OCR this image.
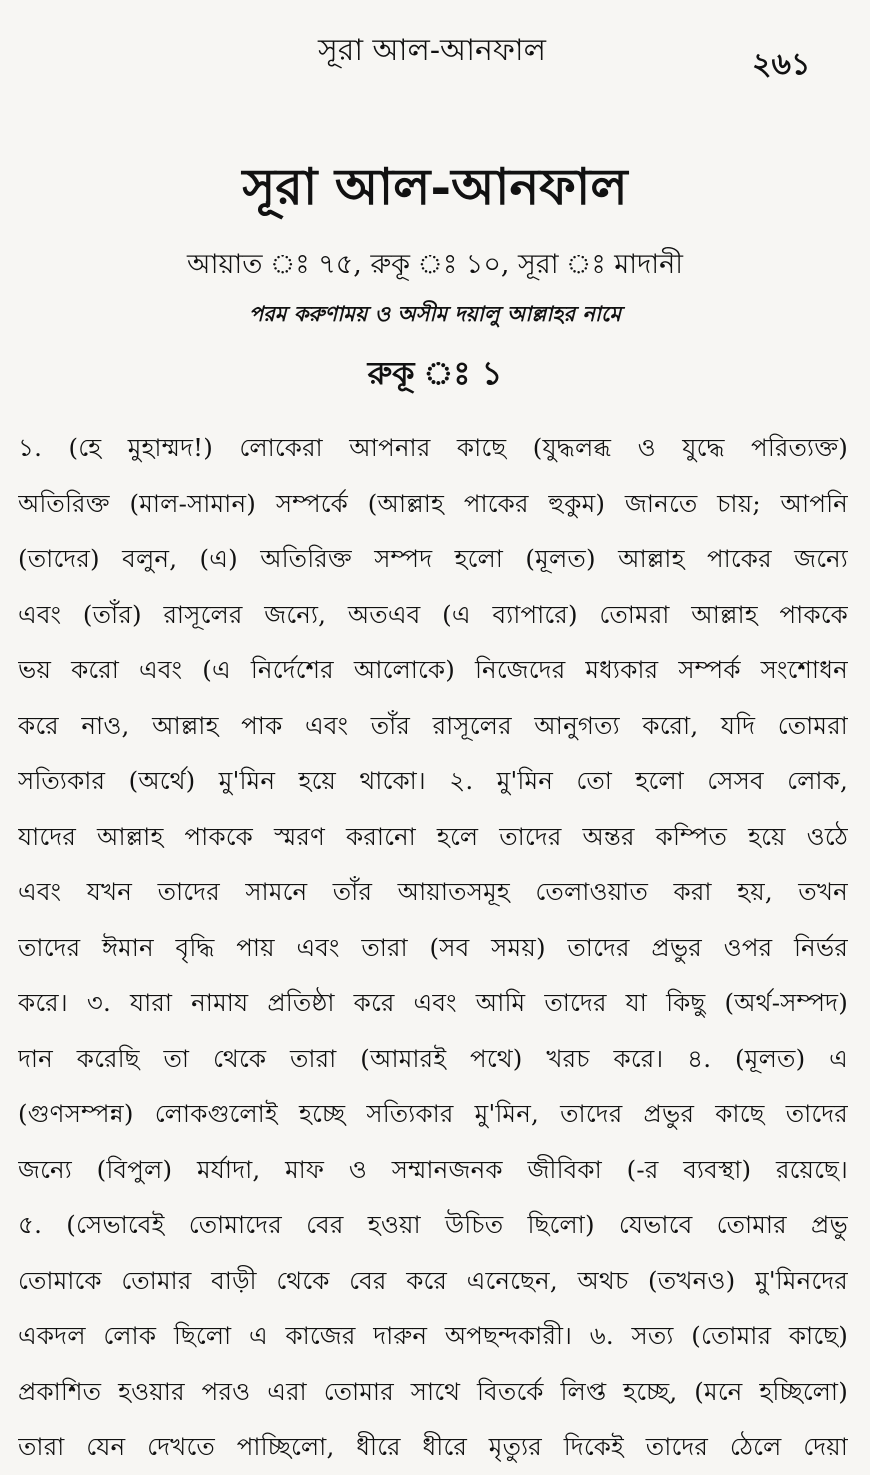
সূরা আল-আনফাল	২৬১
সূরা আল-আনফাল
আয়াত ঃ ৭৫, রুকূ ঃ ১০, সূরা ঃ মাদানী
পরম করুণাময় ও অসীম দয়ালু আল্লাহর নামে
রুকূ ঃ ১
১. (হে মুহাম্মদ!) লোকেরা আপনার কাছে (যুদ্ধলব্ধ ও যুদ্ধে পরিত্যক্ত)
অতিরিক্ত (মাল-সামান) সম্পর্কে (আল্লাহ পাকের হুকুম) জানতে চায়; আপনি
(তাদের) বলুন, (এ) অতিরিক্ত সম্পদ হলো (মূলত) আল্লাহ পাকের জন্যে
এবং (তাঁর) রাসূলের জন্যে, অতএব (এ ব্যাপারে) তোমরা আল্লাহ পাককে
ভয় করো এবং (এ নির্দেশের আলোকে) নিজেদের মধ্যকার সম্পর্ক সংশোধন
করে নাও, আল্লাহ পাক এবং তাঁর রাসূলের আনুগত্য করো, যদি তোমরা
সত্যিকার (অর্থে) মু'মিন হয়ে থাকো। ২. মু'মিন তো হলো সেসব লোক,
যাদের আল্লাহ পাককে স্মরণ করানো হলে তাদের অন্তর কম্পিত হয়ে ওঠে
এবং যখন তাদের সামনে তাঁর আয়াতসমূহ তেলাওয়াত করা হয়, তখন
তাদের ঈমান বৃদ্ধি পায় এবং তারা (সব সময়) তাদের প্রভুর ওপর নির্ভর
করে। ৩. যারা নামায প্রতিষ্ঠা করে এবং আমি তাদের যা কিছু (অর্থ-সম্পদ)
দান করেছি তা থেকে তারা (আমারই পথে) খরচ করে। ৪. (মূলত) এ
(গুণসম্পন্ন) লোকগুলোই হচ্ছে সত্যিকার মু'মিন, তাদের প্রভুর কাছে তাদের
জন্যে (বিপুল) মর্যাদা, মাফ ও সম্মানজনক জীবিকা (-র ব্যবস্থা) রয়েছে।
৫. (সেভাবেই তোমাদের বের হওয়া উচিত ছিলো) যেভাবে তোমার প্রভু
তোমাকে তোমার বাড়ী থেকে বের করে এনেছেন, অথচ (তখনও) মু'মিনদের
একদল লোক ছিলো এ কাজের দারুন অপছন্দকারী। ৬. সত্য (তোমার কাছে)
প্রকাশিত হওয়ার পরও এরা তোমার সাথে বিতর্কে লিপ্ত হচ্ছে, (মনে হচ্ছিলো)
তারা যেন দেখতে পাচ্ছিলো, ধীরে ধীরে মৃত্যুর দিকেই তাদের ঠেলে দেয়া
